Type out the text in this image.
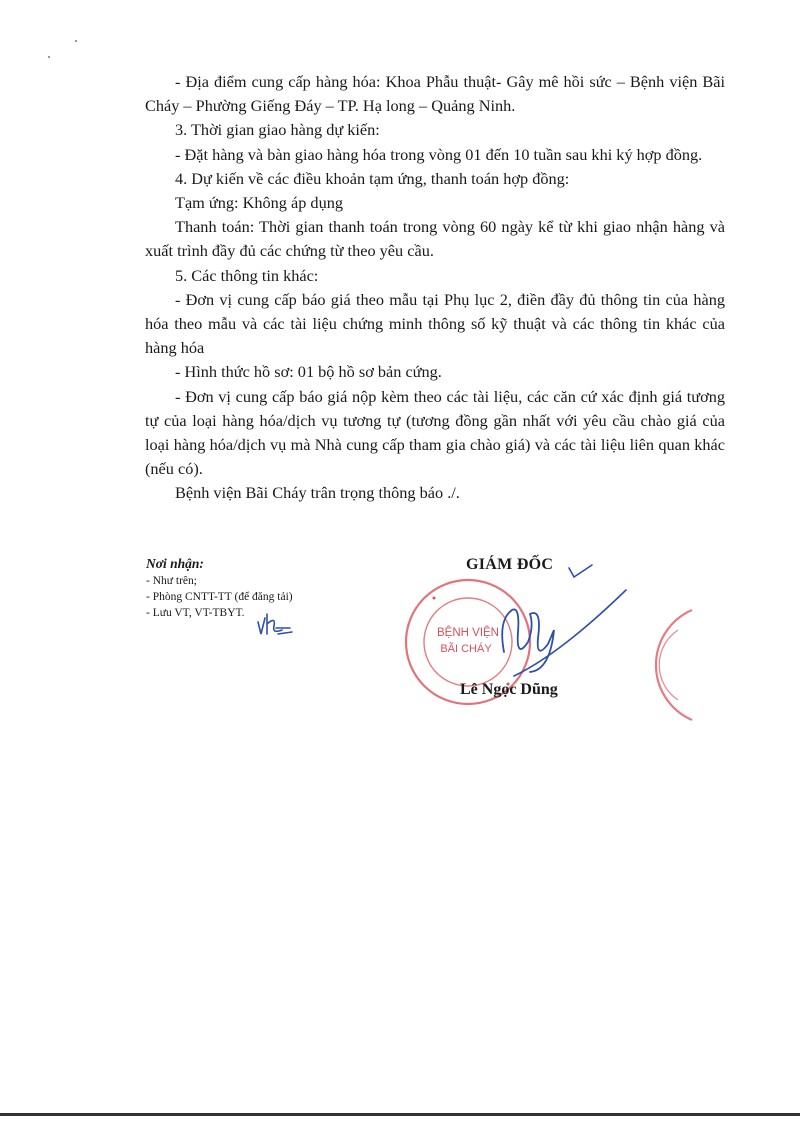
- Địa điểm cung cấp hàng hóa: Khoa Phẫu thuật- Gây mê hồi sức – Bệnh viện Bãi Cháy – Phường Giếng Đáy – TP. Hạ long – Quảng Ninh.

3. Thời gian giao hàng dự kiến:

- Đặt hàng và bàn giao hàng hóa trong vòng 01 đến 10 tuần sau khi ký hợp đồng.

4. Dự kiến về các điều khoản tạm ứng, thanh toán hợp đồng:

Tạm ứng: Không áp dụng

Thanh toán: Thời gian thanh toán trong vòng 60 ngày kể từ khi giao nhận hàng và xuất trình đầy đủ các chứng từ theo yêu cầu.

5. Các thông tin khác:

- Đơn vị cung cấp báo giá theo mẫu tại Phụ lục 2, điền đầy đủ thông tin của hàng hóa theo mẫu và các tài liệu chứng minh thông số kỹ thuật và các thông tin khác của hàng hóa

- Hình thức hồ sơ: 01 bộ hồ sơ bản cứng.

- Đơn vị cung cấp báo giá nộp kèm theo các tài liệu, các căn cứ xác định giá tương tự của loại hàng hóa/dịch vụ tương tự (tương đồng gần nhất với yêu cầu chào giá của loại hàng hóa/dịch vụ mà Nhà cung cấp tham gia chào giá) và các tài liệu liên quan khác (nếu có).

Bệnh viện Bãi Cháy trân trọng thông báo ./.

Nơi nhận:
- Như trên;
- Phòng CNTT-TT (để đăng tải)
- Lưu VT, VT-TBYT.
GIÁM ĐỐC
BỆNH VIỆN
BÃI CHÁY
Lê Ngọc Dũng
